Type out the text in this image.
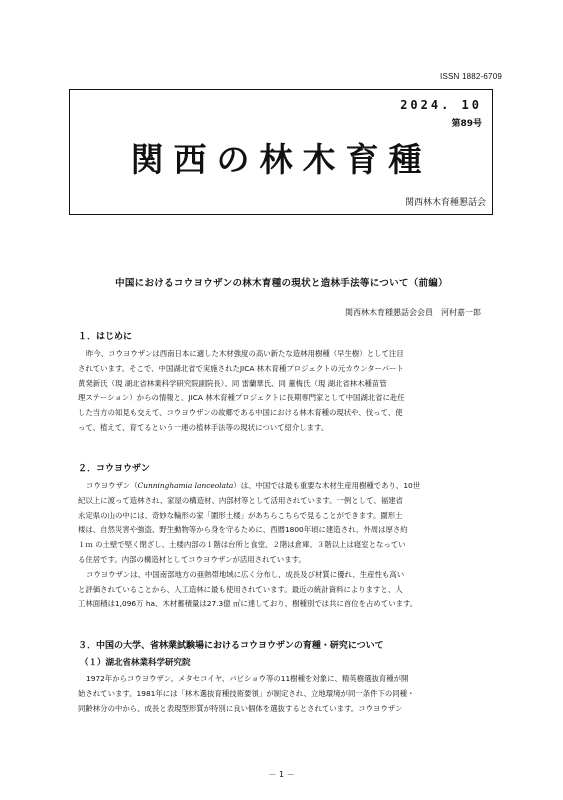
ISSN 1882-6709
2024. 10
第89号
関西の林木育種
関西林木育種懇話会
中国におけるコウヨウザンの林木育種の現状と造林手法等について（前編）
関西林木育種懇話会会員　河村嘉一郎
１．はじめに
昨今、コウヨウザンは西南日本に適した木材強度の高い新たな造林用樹種（早生樹）として注目
されています。そこで、中国湖北省で実施されたJICA 林木育種プロジェクトの元カウンターパート
黄発新氏（現 湖北省林業科学研究院副院長）、同 雷蘭華氏、同 董梅氏（現 湖北省林木種苗管
理ステーション）からの情報と、JICA 林木育種プロジェクトに長期専門家として中国湖北省に赴任
した当方の知見も交えて、コウヨウザンの故郷である中国における林木育種の現状や、伐って、使
って、植えて、育てるという一連の植林手法等の現状について紹介します。
２．コウヨウザン
コウヨウザン（Cunninghamia lanceolata）は、中国では最も重要な木材生産用樹種であり、10世
紀以上に渡って造林され、家屋の構造材、内部材等として活用されています。一例として、福建省
永定県の山の中には、奇妙な輪形の家「圍形土楼」があちらこちらで見ることができます。圍形土
楼は、自然災害や強盗、野生動物等から身を守るために、西暦1800年頃に建造され、外周は厚さ約
１ｍ の土壁で堅く閉ざし、土楼内部の１階は台所と食堂、２階は倉庫、３階以上は寝室となってい
る住居です。内部の構造材としてコウヨウザンが活用されています。
コウヨウザンは、中国南部地方の亜熱帯地域に広く分布し、成長及び材質に優れ、生産性も高い
と評価されていることから、人工造林に最も使用されています。最近の統計資料によりますと、人
工林面積は1,096万 ha、木材蓄積量は27.3億 ㎥に達しており、樹種別では共に首位を占めています。
３．中国の大学、省林業試験場におけるコウヨウザンの育種・研究について
（１）湖北省林業科学研究院
1972年からコウヨウザン、メタセコイヤ、バビショウ等の11樹種を対象に、精英樹選抜育種が開
始されています。1981年には「林木選抜育種技術要領」が制定され、立地環境が同一条件下の同種・
同齢林分の中から、成長と表現型形質が特別に良い個体を選抜するとされています。コウヨウザン
－ 1 －
